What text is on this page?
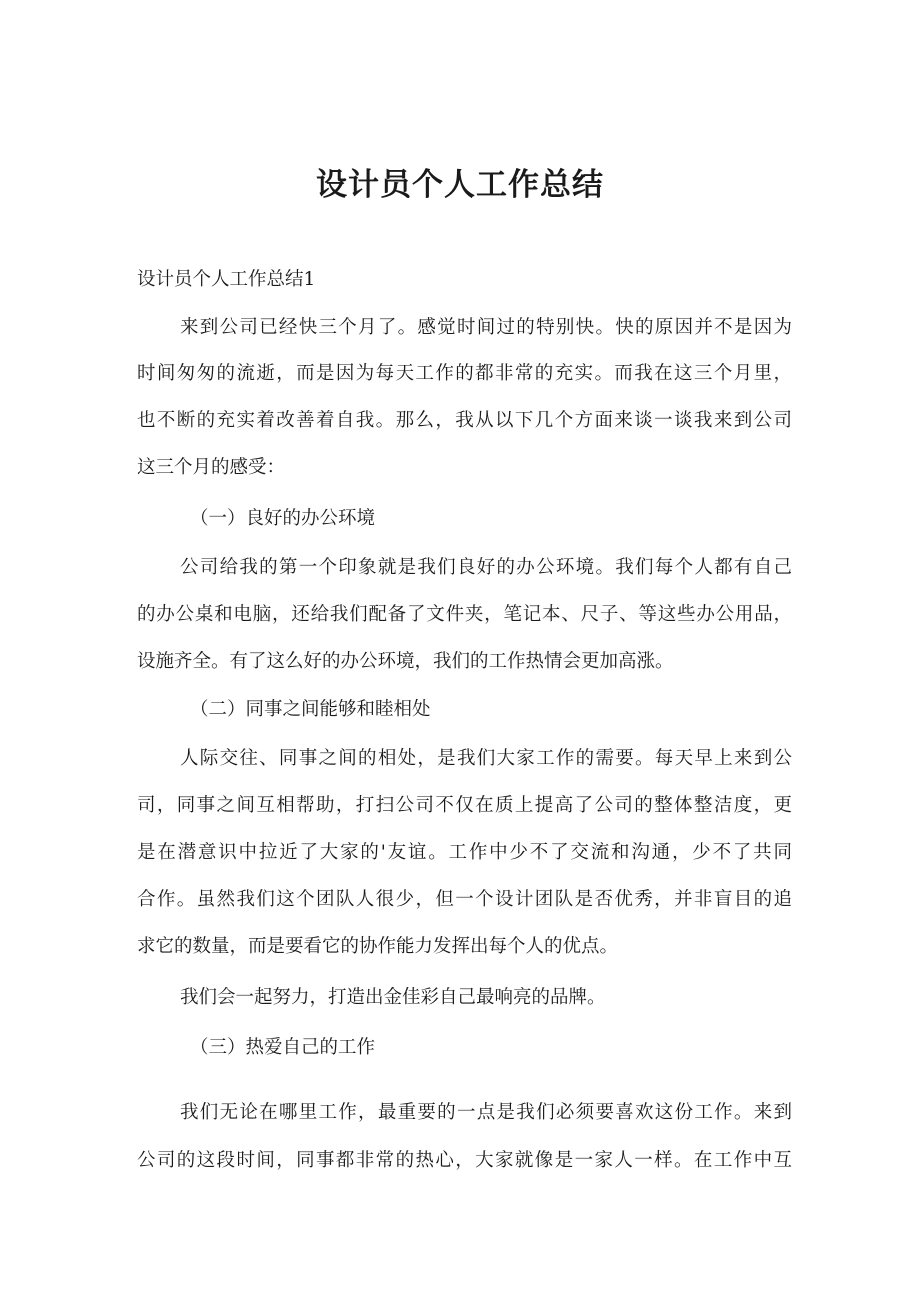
设计员个人工作总结

设计员个人工作总结1

来到公司已经快三个月了。感觉时间过的特别快。快的原因并不是因为

时间匆匆的流逝，而是因为每天工作的都非常的充实。而我在这三个月里，

也不断的充实着改善着自我。那么，我从以下几个方面来谈一谈我来到公司

这三个月的感受：

（一）良好的办公环境

公司给我的第一个印象就是我们良好的办公环境。我们每个人都有自己

的办公桌和电脑，还给我们配备了文件夹，笔记本、尺子、等这些办公用品，

设施齐全。有了这么好的办公环境，我们的工作热情会更加高涨。

（二）同事之间能够和睦相处

人际交往、同事之间的相处，是我们大家工作的需要。每天早上来到公

司，同事之间互相帮助，打扫公司不仅在质上提高了公司的整体整洁度，更

是在潜意识中拉近了大家的'友谊。工作中少不了交流和沟通，少不了共同

合作。虽然我们这个团队人很少，但一个设计团队是否优秀，并非盲目的追

求它的数量，而是要看它的协作能力发挥出每个人的优点。

我们会一起努力，打造出金佳彩自己最响亮的品牌。

（三）热爱自己的工作

我们无论在哪里工作，最重要的一点是我们必须要喜欢这份工作。来到

公司的这段时间，同事都非常的热心，大家就像是一家人一样。在工作中互
